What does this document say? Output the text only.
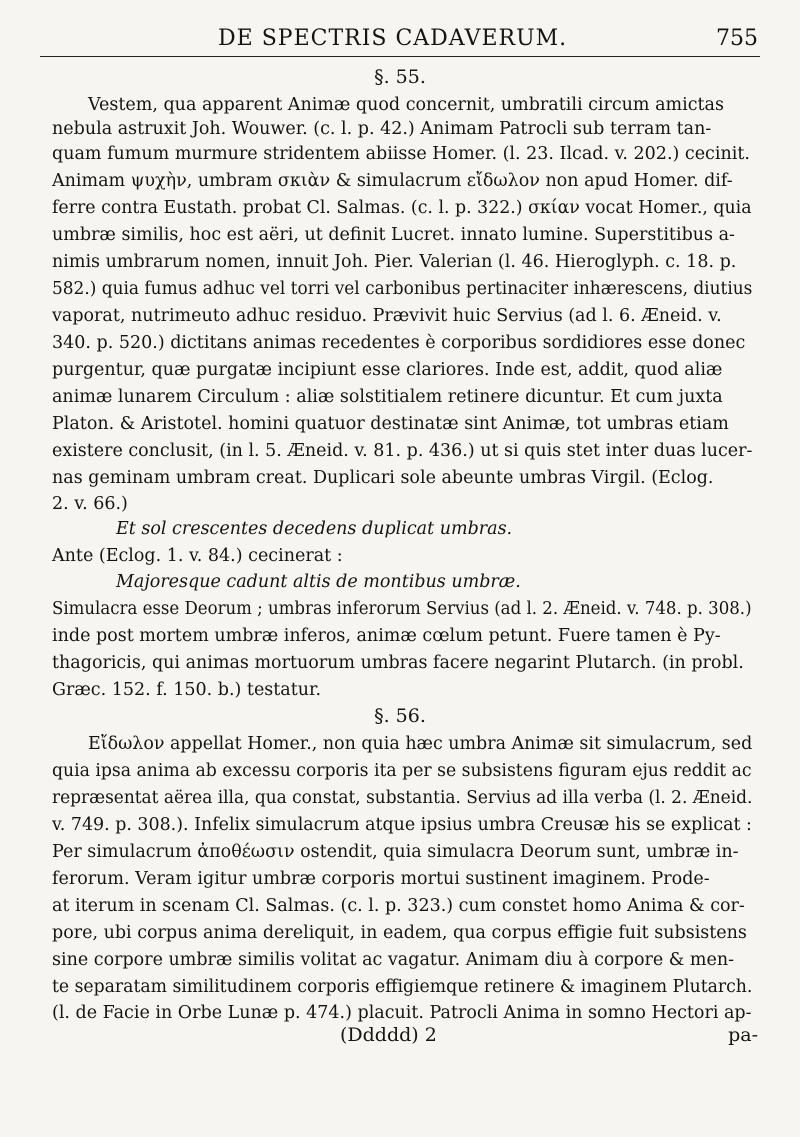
DE SPECTRIS CADAVERUM.	755
§. 55.
Vestem, qua apparent Animæ quod concernit, umbratili circum amictas
nebula astruxit Joh. Wouwer. (c. l. p. 42.) Animam Patrocli sub terram tan-
quam fumum murmure stridentem abiisse Homer. (l. 23. Ilcad. v. 202.) cecinit.
Animam ψυχὴν, umbram σκιὰν & simulacrum εἴδωλον non apud Homer. dif-
ferre contra Eustath. probat Cl. Salmas. (c. l. p. 322.) σκίαν vocat Homer., quia
umbræ similis, hoc est aëri, ut definit Lucret. innato lumine. Superstitibus a-
nimis umbrarum nomen, innuit Joh. Pier. Valerian (l. 46. Hieroglyph. c. 18. p.
582.) quia fumus adhuc vel torri vel carbonibus pertinaciter inhærescens, diutius
vaporat, nutrimeuto adhuc residuo. Prævivit huic Servius (ad l. 6. Æneid. v.
340. p. 520.) dictitans animas recedentes è corporibus sordidiores esse donec
purgentur, quæ purgatæ incipiunt esse clariores. Inde est, addit, quod aliæ
animæ lunarem Circulum : aliæ solstitialem retinere dicuntur. Et cum juxta
Platon. & Aristotel. homini quatuor destinatæ sint Animæ, tot umbras etiam
existere conclusit, (in l. 5. Æneid. v. 81. p. 436.) ut si quis stet inter duas lucer-
nas geminam umbram creat. Duplicari sole abeunte umbras Virgil. (Eclog.
2. v. 66.)
Et sol crescentes decedens duplicat umbras.
Ante (Eclog. 1. v. 84.) cecinerat :
Majoresque cadunt altis de montibus umbræ.
Simulacra esse Deorum ; umbras inferorum Servius (ad l. 2. Æneid. v. 748. p. 308.)
inde post mortem umbræ inferos, animæ cœlum petunt. Fuere tamen è Py-
thagoricis, qui animas mortuorum umbras facere negarint Plutarch. (in probl.
Græc. 152. f. 150. b.) testatur.
§. 56.
Εἴδωλον appellat Homer., non quia hæc umbra Animæ sit simulacrum, sed
quia ipsa anima ab excessu corporis ita per se subsistens figuram ejus reddit ac
repræsentat aërea illa, qua constat, substantia. Servius ad illa verba (l. 2. Æneid.
v. 749. p. 308.). Infelix simulacrum atque ipsius umbra Creusæ his se explicat :
Per simulacrum ἀποθέωσιν ostendit, quia simulacra Deorum sunt, umbræ in-
ferorum. Veram igitur umbræ corporis mortui sustinent imaginem. Prode-
at iterum in scenam Cl. Salmas. (c. l. p. 323.) cum constet homo Anima & cor-
pore, ubi corpus anima dereliquit, in eadem, qua corpus effigie fuit subsistens
sine corpore umbræ similis volitat ac vagatur. Animam diu à corpore & men-
te separatam similitudinem corporis effigiemque retinere & imaginem Plutarch.
(l. de Facie in Orbe Lunæ p. 474.) placuit. Patrocli Anima in somno Hectori ap-
(Ddddd) 2	pa-
